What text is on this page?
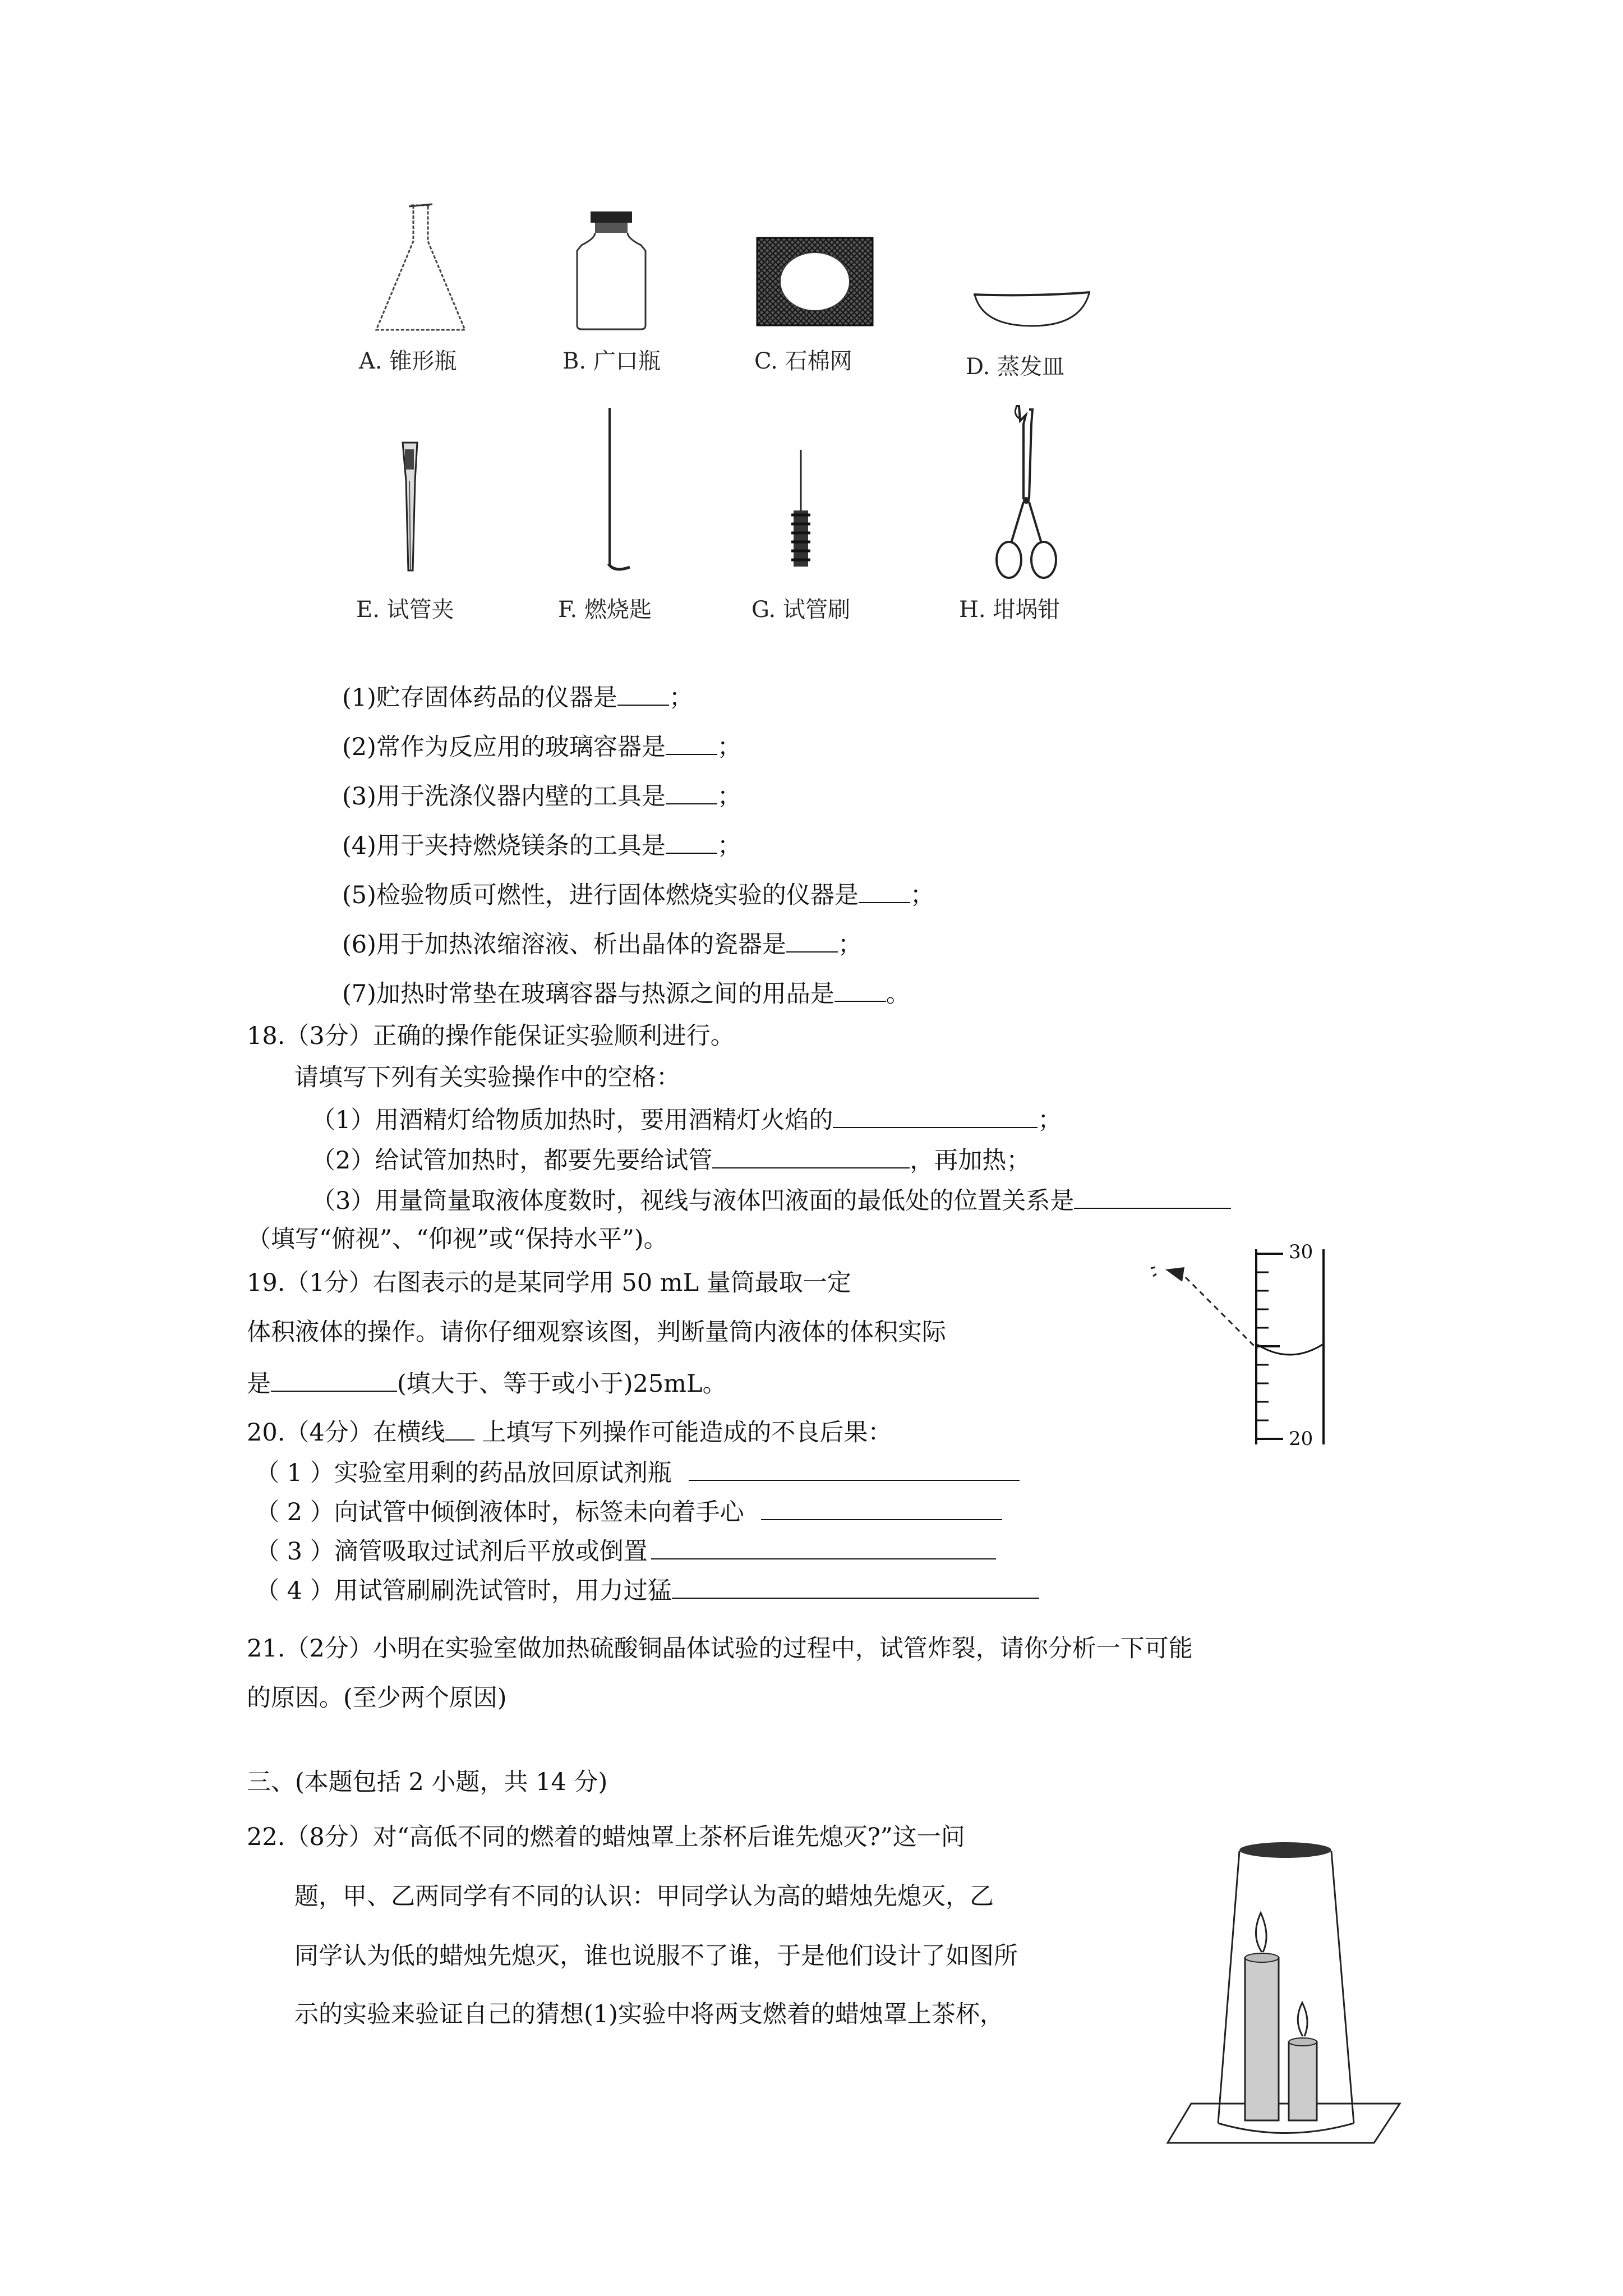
A. 锥形瓶	B. 广口瓶	C. 石棉网	D. 蒸发皿
E. 试管夹	F. 燃烧匙	G. 试管刷	H. 坩埚钳
(1)贮存固体药品的仪器是 ；
(2)常作为反应用的玻璃容器是 ；
(3)用于洗涤仪器内壁的工具是 ；
(4)用于夹持燃烧镁条的工具是 ；
(5)检验物质可燃性，进行固体燃烧实验的仪器是 ；
(6)用于加热浓缩溶液、析出晶体的瓷器是 ；
(7)加热时常垫在玻璃容器与热源之间的用品是 。
18.（3分）正确的操作能保证实验顺利进行。
请填写下列有关实验操作中的空格：
（1）用酒精灯给物质加热时，要用酒精灯火焰的	；
（2）给试管加热时，都要先要给试管	，再加热；
（3）用量筒量取液体度数时，视线与液体凹液面的最低处的位置关系是
（填写“俯视”、“仰视”或“保持水平”)。
19.（1分）右图表示的是某同学用 50 mL 量筒最取一定
体积液体的操作。请你仔细观察该图，判断量筒内液体的体积实际
是	(填大于、等于或小于)25mL。
30
20
20.（4分）在横线 上填写下列操作可能造成的不良后果：
（ 1 ）实验室用剩的药品放回原试剂瓶
（ 2 ）向试管中倾倒液体时，标签未向着手心
（ 3 ）滴管吸取过试剂后平放或倒置
（ 4 ）用试管刷刷洗试管时，用力过猛
21.（2分）小明在实验室做加热硫酸铜晶体试验的过程中，试管炸裂，请你分析一下可能
的原因。(至少两个原因)
三、(本题包括 2 小题，共 14 分)
22.（8分）对“高低不同的燃着的蜡烛罩上茶杯后谁先熄灭?”这一问
题，甲、乙两同学有不同的认识：甲同学认为高的蜡烛先熄灭，乙
同学认为低的蜡烛先熄灭，谁也说服不了谁，于是他们设计了如图所
示的实验来验证自己的猜想(1)实验中将两支燃着的蜡烛罩上茶杯，
